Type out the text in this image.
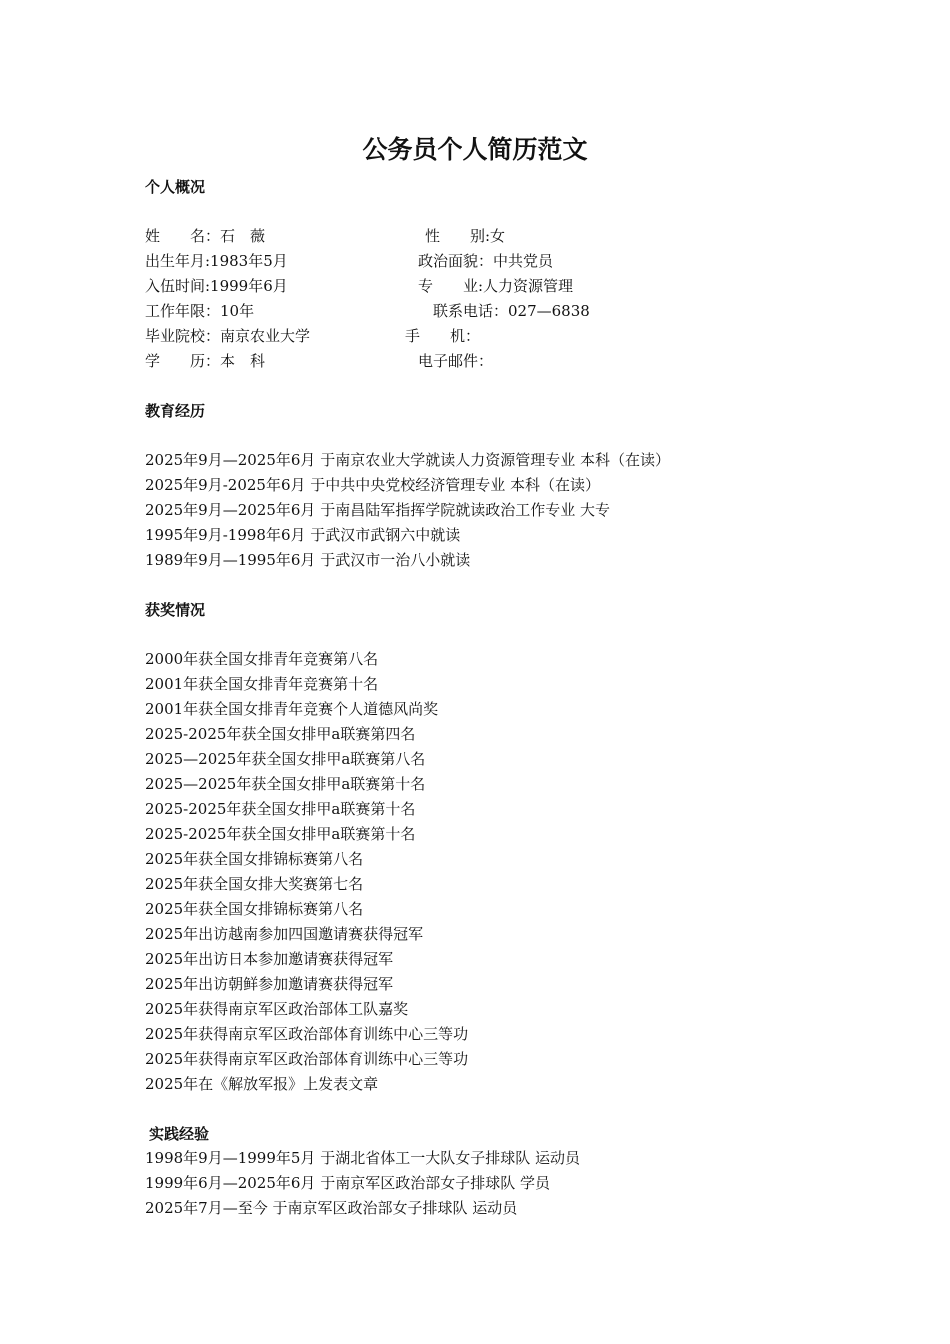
公务员个人简历范文
个人概况
姓　　名：石　薇	性　　别:女
出生年月:1983年5月	政治面貌：中共党员
入伍时间:1999年6月	专　　业:人力资源管理
工作年限：10年	联系电话：027—6838
毕业院校：南京农业大学	手　　机：
学　　历：本　科	电子邮件：
教育经历
2025年9月—2025年6月 于南京农业大学就读人力资源管理专业 本科（在读）
2025年9月-2025年6月 于中共中央党校经济管理专业 本科（在读）
2025年9月—2025年6月 于南昌陆军指挥学院就读政治工作专业 大专
1995年9月-1998年6月 于武汉市武钢六中就读
1989年9月—1995年6月 于武汉市一治八小就读
获奖情况
2000年获全国女排青年竞赛第八名
2001年获全国女排青年竞赛第十名
2001年获全国女排青年竞赛个人道德风尚奖
2025-2025年获全国女排甲a联赛第四名
2025—2025年获全国女排甲a联赛第八名
2025—2025年获全国女排甲a联赛第十名
2025-2025年获全国女排甲a联赛第十名
2025-2025年获全国女排甲a联赛第十名
2025年获全国女排锦标赛第八名
2025年获全国女排大奖赛第七名
2025年获全国女排锦标赛第八名
2025年出访越南参加四国邀请赛获得冠军
2025年出访日本参加邀请赛获得冠军
2025年出访朝鲜参加邀请赛获得冠军
2025年获得南京军区政治部体工队嘉奖
2025年获得南京军区政治部体育训练中心三等功
2025年获得南京军区政治部体育训练中心三等功
2025年在《解放军报》上发表文章
实践经验
1998年9月—1999年5月 于湖北省体工一大队女子排球队 运动员
1999年6月—2025年6月 于南京军区政治部女子排球队 学员
2025年7月—至今 于南京军区政治部女子排球队 运动员
